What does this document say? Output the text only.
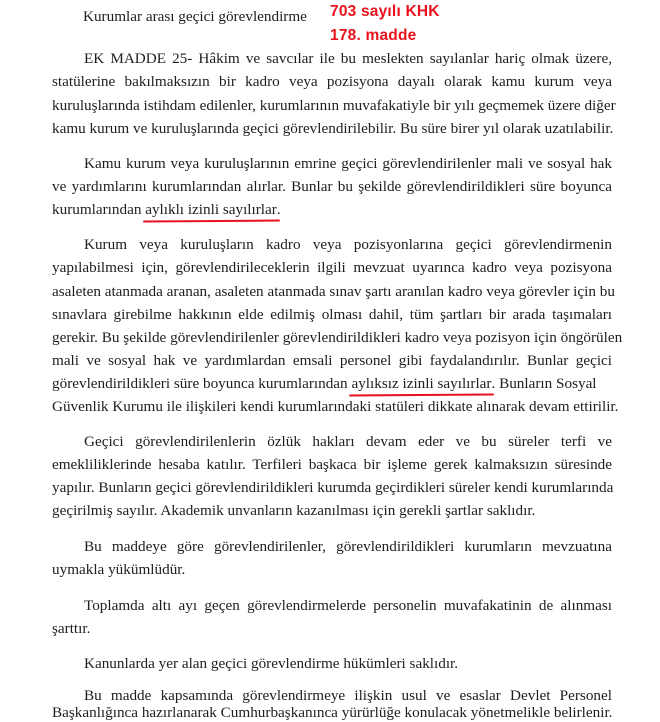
Kurumlar arası geçici görevlendirme 703 sayılı KHK
178. madde
EK MADDE 25- Hâkim ve savcılar ile bu meslekten sayılanlar hariç olmak üzere,
statülerine bakılmaksızın bir kadro veya pozisyona dayalı olarak kamu kurum veya
kuruluşlarında istihdam edilenler, kurumlarının muvafakatiyle bir yılı geçmemek üzere diğer
kamu kurum ve kuruluşlarında geçici görevlendirilebilir. Bu süre birer yıl olarak uzatılabilir.
Kamu kurum veya kuruluşlarının emrine geçici görevlendirilenler mali ve sosyal hak
ve yardımlarını kurumlarından alırlar. Bunlar bu şekilde görevlendirildikleri süre boyunca
kurumlarından aylıklı izinli sayılırlar.
Kurum veya kuruluşların kadro veya pozisyonlarına geçici görevlendirmenin
yapılabilmesi için, görevlendirileceklerin ilgili mevzuat uyarınca kadro veya pozisyona
asaleten atanmada aranan, asaleten atanmada sınav şartı aranılan kadro veya görevler için bu
sınavlara girebilme hakkının elde edilmiş olması dahil, tüm şartları bir arada taşımaları
gerekir. Bu şekilde görevlendirilenler görevlendirildikleri kadro veya pozisyon için öngörülen
mali ve sosyal hak ve yardımlardan emsali personel gibi faydalandırılır. Bunlar geçici
görevlendirildikleri süre boyunca kurumlarından aylıksız izinli sayılırlar. Bunların Sosyal
Güvenlik Kurumu ile ilişkileri kendi kurumlarındaki statüleri dikkate alınarak devam ettirilir.
Geçici görevlendirilenlerin özlük hakları devam eder ve bu süreler terfi ve
emekliliklerinde hesaba katılır. Terfileri başkaca bir işleme gerek kalmaksızın süresinde
yapılır. Bunların geçici görevlendirildikleri kurumda geçirdikleri süreler kendi kurumlarında
geçirilmiş sayılır. Akademik unvanların kazanılması için gerekli şartlar saklıdır.
Bu maddeye göre görevlendirilenler, görevlendirildikleri kurumların mevzuatına
uymakla yükümlüdür.
Toplamda altı ayı geçen görevlendirmelerde personelin muvafakatinin de alınması
şarttır.
Kanunlarda yer alan geçici görevlendirme hükümleri saklıdır.
Bu madde kapsamında görevlendirmeye ilişkin usul ve esaslar Devlet Personel
Başkanlığınca hazırlanarak Cumhurbaşkanınca yürürlüğe konulacak yönetmelikle belirlenir.
